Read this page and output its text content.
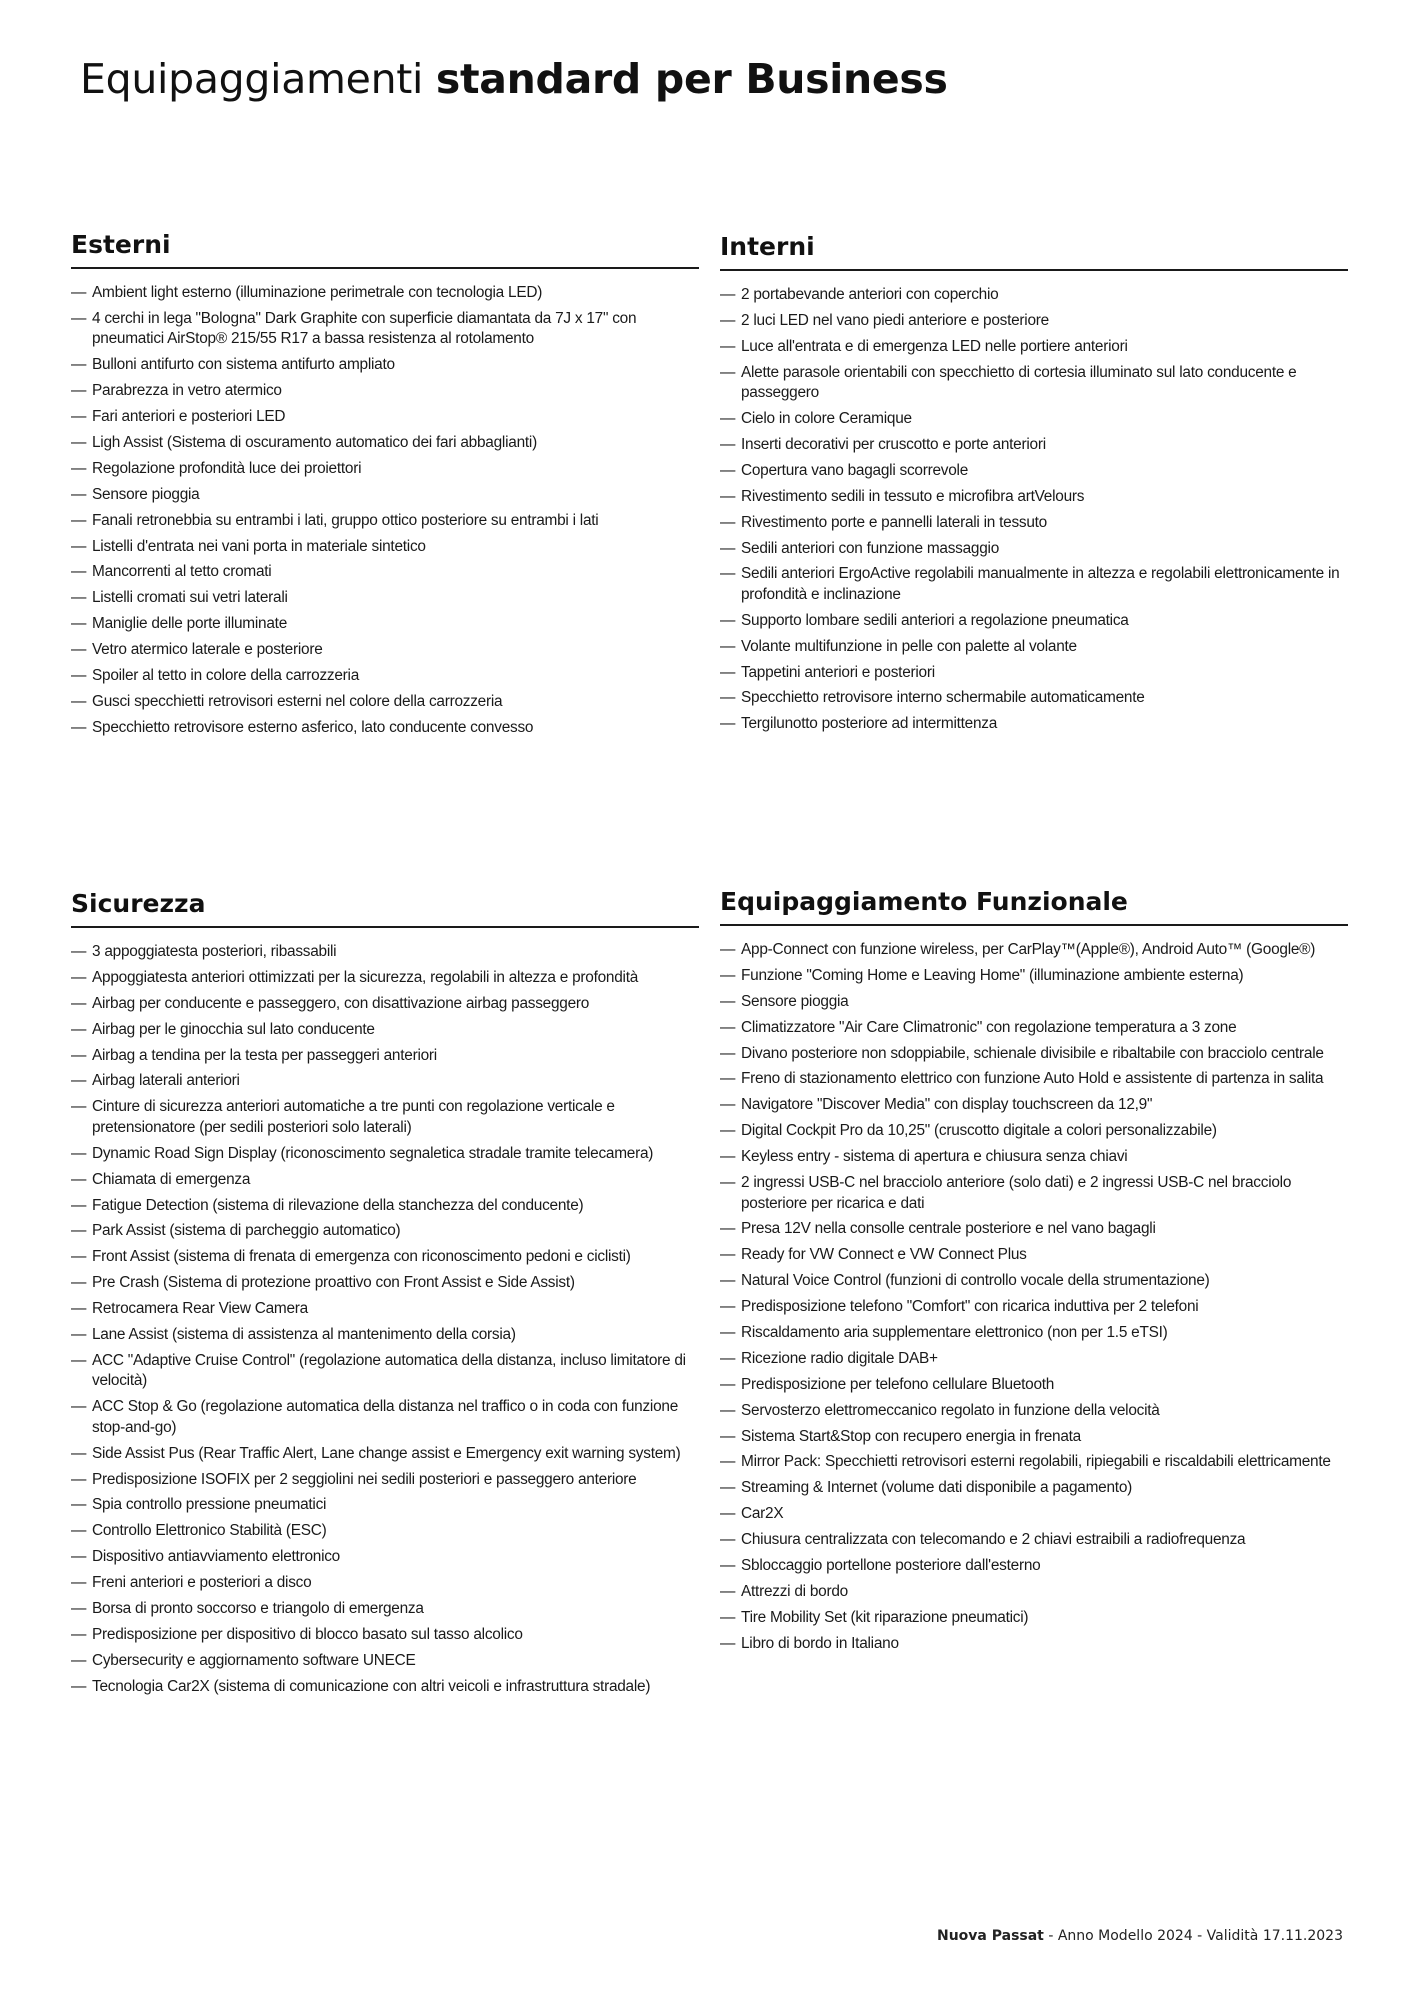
Equipaggiamenti standard per Business
Esterni
— Ambient light esterno (illuminazione perimetrale con tecnologia LED)
— 4 cerchi in lega "Bologna" Dark Graphite con superficie diamantata da 7J x 17" con pneumatici AirStop® 215/55 R17 a bassa resistenza al rotolamento
— Bulloni antifurto con sistema antifurto ampliato
— Parabrezza in vetro atermico
— Fari anteriori e posteriori LED
— Ligh Assist (Sistema di oscuramento automatico dei fari abbaglianti)
— Regolazione profondità luce dei proiettori
— Sensore pioggia
— Fanali retronebbia su entrambi i lati, gruppo ottico posteriore su entrambi i lati
— Listelli d'entrata nei vani porta in materiale sintetico
— Mancorrenti al tetto cromati
— Listelli cromati sui vetri laterali
— Maniglie delle porte illuminate
— Vetro atermico laterale e posteriore
— Spoiler al tetto in colore della carrozzeria
— Gusci specchietti retrovisori esterni nel colore della carrozzeria
— Specchietto retrovisore esterno asferico, lato conducente convesso
Interni
— 2 portabevande anteriori con coperchio
— 2 luci LED nel vano piedi anteriore e posteriore
— Luce all'entrata e di emergenza LED nelle portiere anteriori
— Alette parasole orientabili con specchietto di cortesia illuminato sul lato conducente e passeggero
— Cielo in colore Ceramique
— Inserti decorativi per cruscotto e porte anteriori
— Copertura vano bagagli scorrevole
— Rivestimento sedili in tessuto e microfibra artVelours
— Rivestimento porte e pannelli laterali in tessuto
— Sedili anteriori con funzione massaggio
— Sedili anteriori ErgoActive regolabili manualmente in altezza e regolabili elettronicamente in profondità e inclinazione
— Supporto lombare sedili anteriori a regolazione pneumatica
— Volante multifunzione in pelle con palette al volante
— Tappetini anteriori e posteriori
— Specchietto retrovisore interno schermabile automaticamente
— Tergilunotto posteriore ad intermittenza
Sicurezza
— 3 appoggiatesta posteriori, ribassabili
— Appoggiatesta anteriori ottimizzati per la sicurezza, regolabili in altezza e profondità
— Airbag per conducente e passeggero, con disattivazione airbag passeggero
— Airbag per le ginocchia sul lato conducente
— Airbag a tendina per la testa per passeggeri anteriori
— Airbag laterali anteriori
— Cinture di sicurezza anteriori automatiche a tre punti con regolazione verticale e pretensionatore (per sedili posteriori solo laterali)
— Dynamic Road Sign Display (riconoscimento segnaletica stradale tramite telecamera)
— Chiamata di emergenza
— Fatigue Detection (sistema di rilevazione della stanchezza del conducente)
— Park Assist (sistema di parcheggio automatico)
— Front Assist (sistema di frenata di emergenza con riconoscimento pedoni e ciclisti)
— Pre Crash (Sistema di protezione proattivo con Front Assist e Side Assist)
— Retrocamera Rear View Camera
— Lane Assist (sistema di assistenza al mantenimento della corsia)
— ACC "Adaptive Cruise Control" (regolazione automatica della distanza, incluso limitatore di velocità)
— ACC Stop & Go (regolazione automatica della distanza nel traffico o in coda con funzione stop-and-go)
— Side Assist Pus (Rear Traffic Alert, Lane change assist e Emergency exit warning system)
— Predisposizione ISOFIX per 2 seggiolini nei sedili posteriori e passeggero anteriore
— Spia controllo pressione pneumatici
— Controllo Elettronico Stabilità (ESC)
— Dispositivo antiavviamento elettronico
— Freni anteriori e posteriori a disco
— Borsa di pronto soccorso e triangolo di emergenza
— Predisposizione per dispositivo di blocco basato sul tasso alcolico
— Cybersecurity e aggiornamento software UNECE
— Tecnologia Car2X (sistema di comunicazione con altri veicoli e infrastruttura stradale)
Equipaggiamento Funzionale
— App-Connect con funzione wireless, per CarPlay™(Apple®), Android Auto™ (Google®)
— Funzione "Coming Home e Leaving Home" (illuminazione ambiente esterna)
— Sensore pioggia
— Climatizzatore "Air Care Climatronic" con regolazione temperatura a 3 zone
— Divano posteriore non sdoppiabile, schienale divisibile e ribaltabile con bracciolo centrale
— Freno di stazionamento elettrico con funzione Auto Hold e assistente di partenza in salita
— Navigatore "Discover Media" con display touchscreen da 12,9"
— Digital Cockpit Pro da 10,25" (cruscotto digitale a colori personalizzabile)
— Keyless entry - sistema di apertura e chiusura senza chiavi
— 2 ingressi USB-C nel bracciolo anteriore (solo dati) e 2 ingressi USB-C nel bracciolo posteriore per ricarica e dati
— Presa 12V nella consolle centrale posteriore e nel vano bagagli
— Ready for VW Connect e VW Connect Plus
— Natural Voice Control (funzioni di controllo vocale della strumentazione)
— Predisposizione telefono "Comfort" con ricarica induttiva per 2 telefoni
— Riscaldamento aria supplementare elettronico (non per 1.5 eTSI)
— Ricezione radio digitale DAB+
— Predisposizione per telefono cellulare Bluetooth
— Servosterzo elettromeccanico regolato in funzione della velocità
— Sistema Start&Stop con recupero energia in frenata
— Mirror Pack: Specchietti retrovisori esterni regolabili, ripiegabili e riscaldabili elettricamente
— Streaming & Internet (volume dati disponibile a pagamento)
— Car2X
— Chiusura centralizzata con telecomando e 2 chiavi estraibili a radiofrequenza
— Sbloccaggio portellone posteriore dall'esterno
— Attrezzi di bordo
— Tire Mobility Set (kit riparazione pneumatici)
— Libro di bordo in Italiano
Nuova Passat - Anno Modello 2024 - Validità 17.11.2023
